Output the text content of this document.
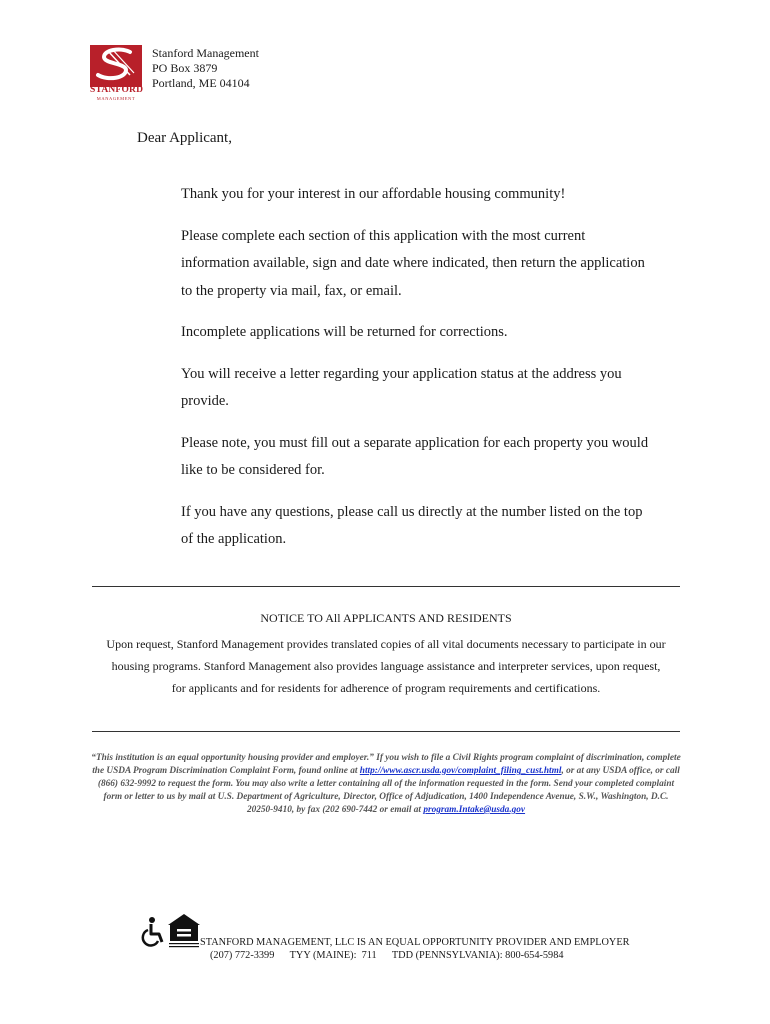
STANFORD
MANAGEMENT
Stanford Management
PO Box 3879
Portland, ME 04104
Dear Applicant,

Thank you for your interest in our affordable housing community!

Please complete each section of this application with the most current information available, sign and date where indicated, then return the application to the property via mail, fax, or email.

Incomplete applications will be returned for corrections.

You will receive a letter regarding your application status at the address you provide.

Please note, you must fill out a separate application for each property you would like to be considered for.

If you have any questions, please call us directly at the number listed on the top of the application.

NOTICE TO All APPLICANTS AND RESIDENTS
Upon request, Stanford Management provides translated copies of all vital documents necessary to participate in our
housing programs. Stanford Management also provides language assistance and interpreter services, upon request,
for applicants and for residents for adherence of program requirements and certifications.
“This institution is an equal opportunity housing provider and employer.” If you wish to file a Civil Rights program complaint of discrimination, complete the USDA Program Discrimination Complaint Form, found online at http://www.ascr.usda.gov/complaint_filing_cust.html, or at any USDA office, or call (866) 632-9992 to request the form. You may also write a letter containing all of the information requested in the form. Send your completed complaint form or letter to us by mail at U.S. Department of Agriculture, Director, Office of Adjudication, 1400 Independence Avenue, S.W., Washington, D.C. 20250-9410, by fax (202 690-7442 or email at program.Intake@usda.gov
STANFORD MANAGEMENT, LLC IS AN EQUAL OPPORTUNITY PROVIDER AND EMPLOYER
(207) 772-3399      TYY (MAINE):  711      TDD (PENNSYLVANIA): 800-654-5984
